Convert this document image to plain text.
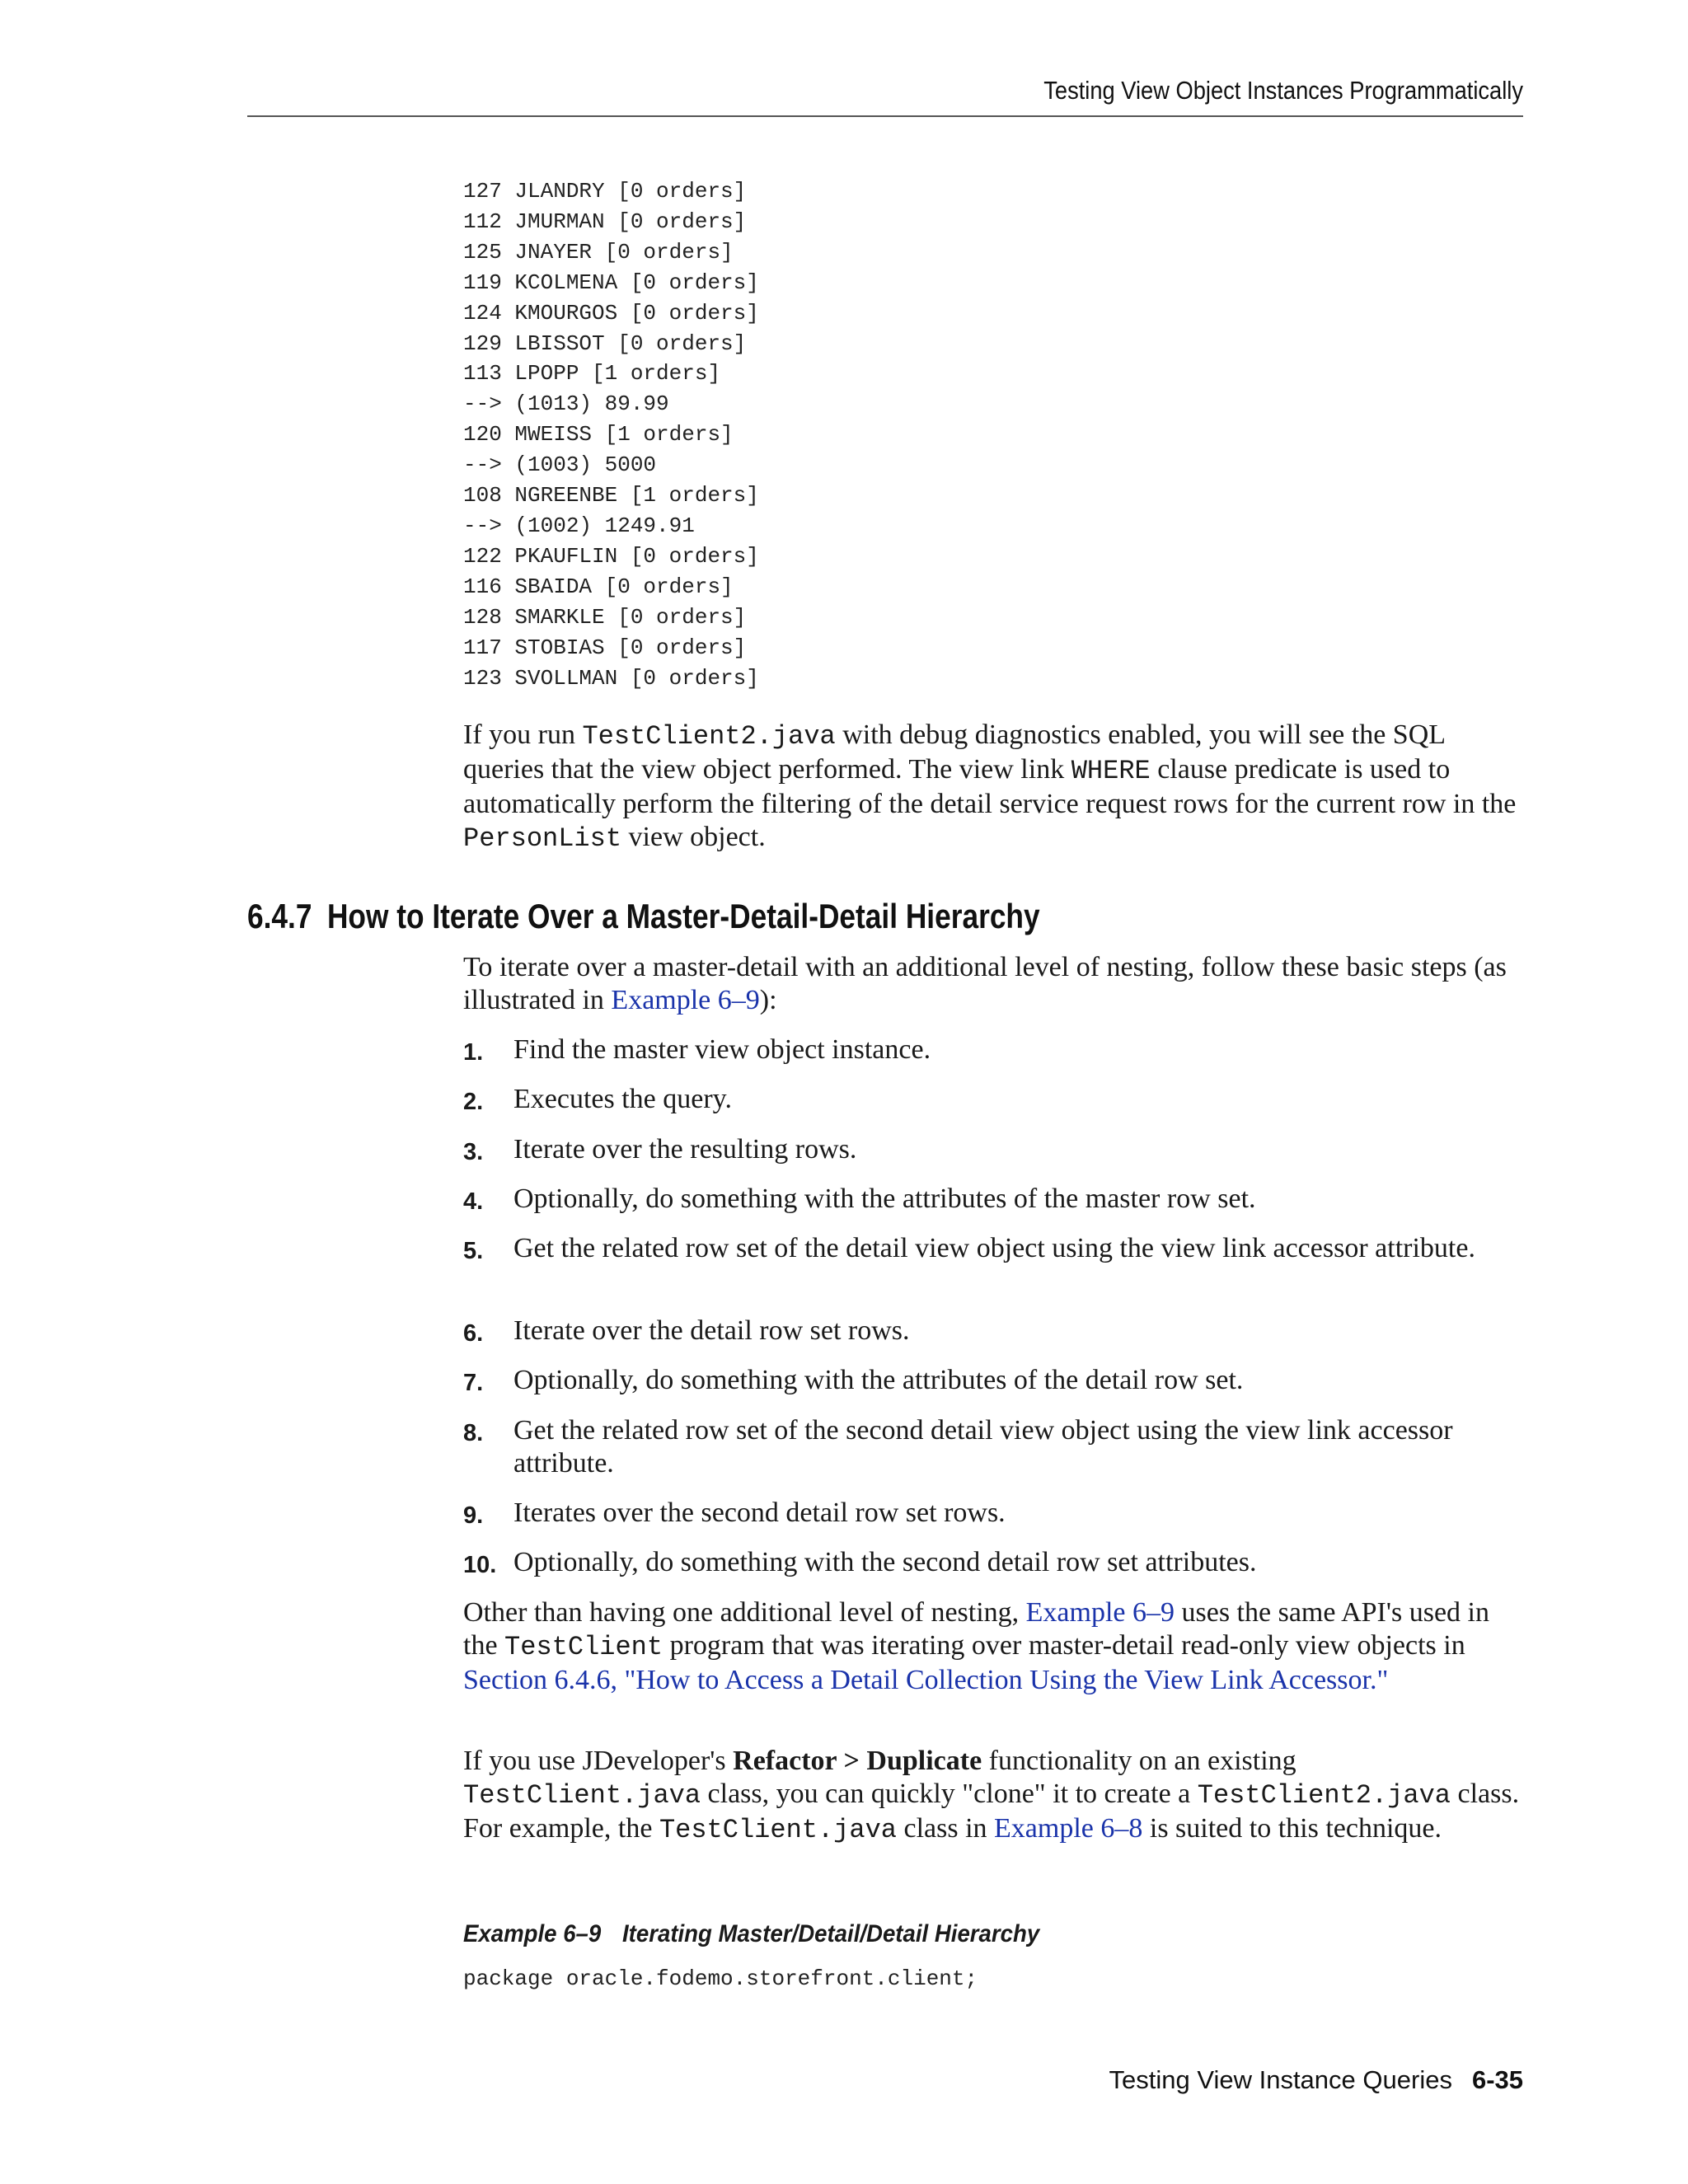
Testing View Object Instances Programmatically
127 JLANDRY [0 orders]
112 JMURMAN [0 orders]
125 JNAYER [0 orders]
119 KCOLMENA [0 orders]
124 KMOURGOS [0 orders]
129 LBISSOT [0 orders]
113 LPOPP [1 orders]
--> (1013) 89.99
120 MWEISS [1 orders]
--> (1003) 5000
108 NGREENBE [1 orders]
--> (1002) 1249.91
122 PKAUFLIN [0 orders]
116 SBAIDA [0 orders]
128 SMARKLE [0 orders]
117 STOBIAS [0 orders]
123 SVOLLMAN [0 orders]

If you run TestClient2.java with debug diagnostics enabled, you will see the SQL queries that the view object performed. The view link WHERE clause predicate is used to automatically perform the filtering of the detail service request rows for the current row in the PersonList view object.

6.4.7 How to Iterate Over a Master-Detail-Detail Hierarchy

To iterate over a master-detail with an additional level of nesting, follow these basic steps (as illustrated in Example 6–9):

1. Find the master view object instance.
2. Executes the query.
3. Iterate over the resulting rows.
4. Optionally, do something with the attributes of the master row set.
5. Get the related row set of the detail view object using the view link accessor attribute.
6. Iterate over the detail row set rows.
7. Optionally, do something with the attributes of the detail row set.
8. Get the related row set of the second detail view object using the view link accessor attribute.
9. Iterates over the second detail row set rows.
10. Optionally, do something with the second detail row set attributes.

Other than having one additional level of nesting, Example 6–9 uses the same API's used in the TestClient program that was iterating over master-detail read-only view objects in Section 6.4.6, "How to Access a Detail Collection Using the View Link Accessor."

If you use JDeveloper's Refactor > Duplicate functionality on an existing TestClient.java class, you can quickly "clone" it to create a TestClient2.java class. For example, the TestClient.java class in Example 6–8 is suited to this technique.

Example 6–9 Iterating Master/Detail/Detail Hierarchy

package oracle.fodemo.storefront.client;
Testing View Instance Queries 6-35
